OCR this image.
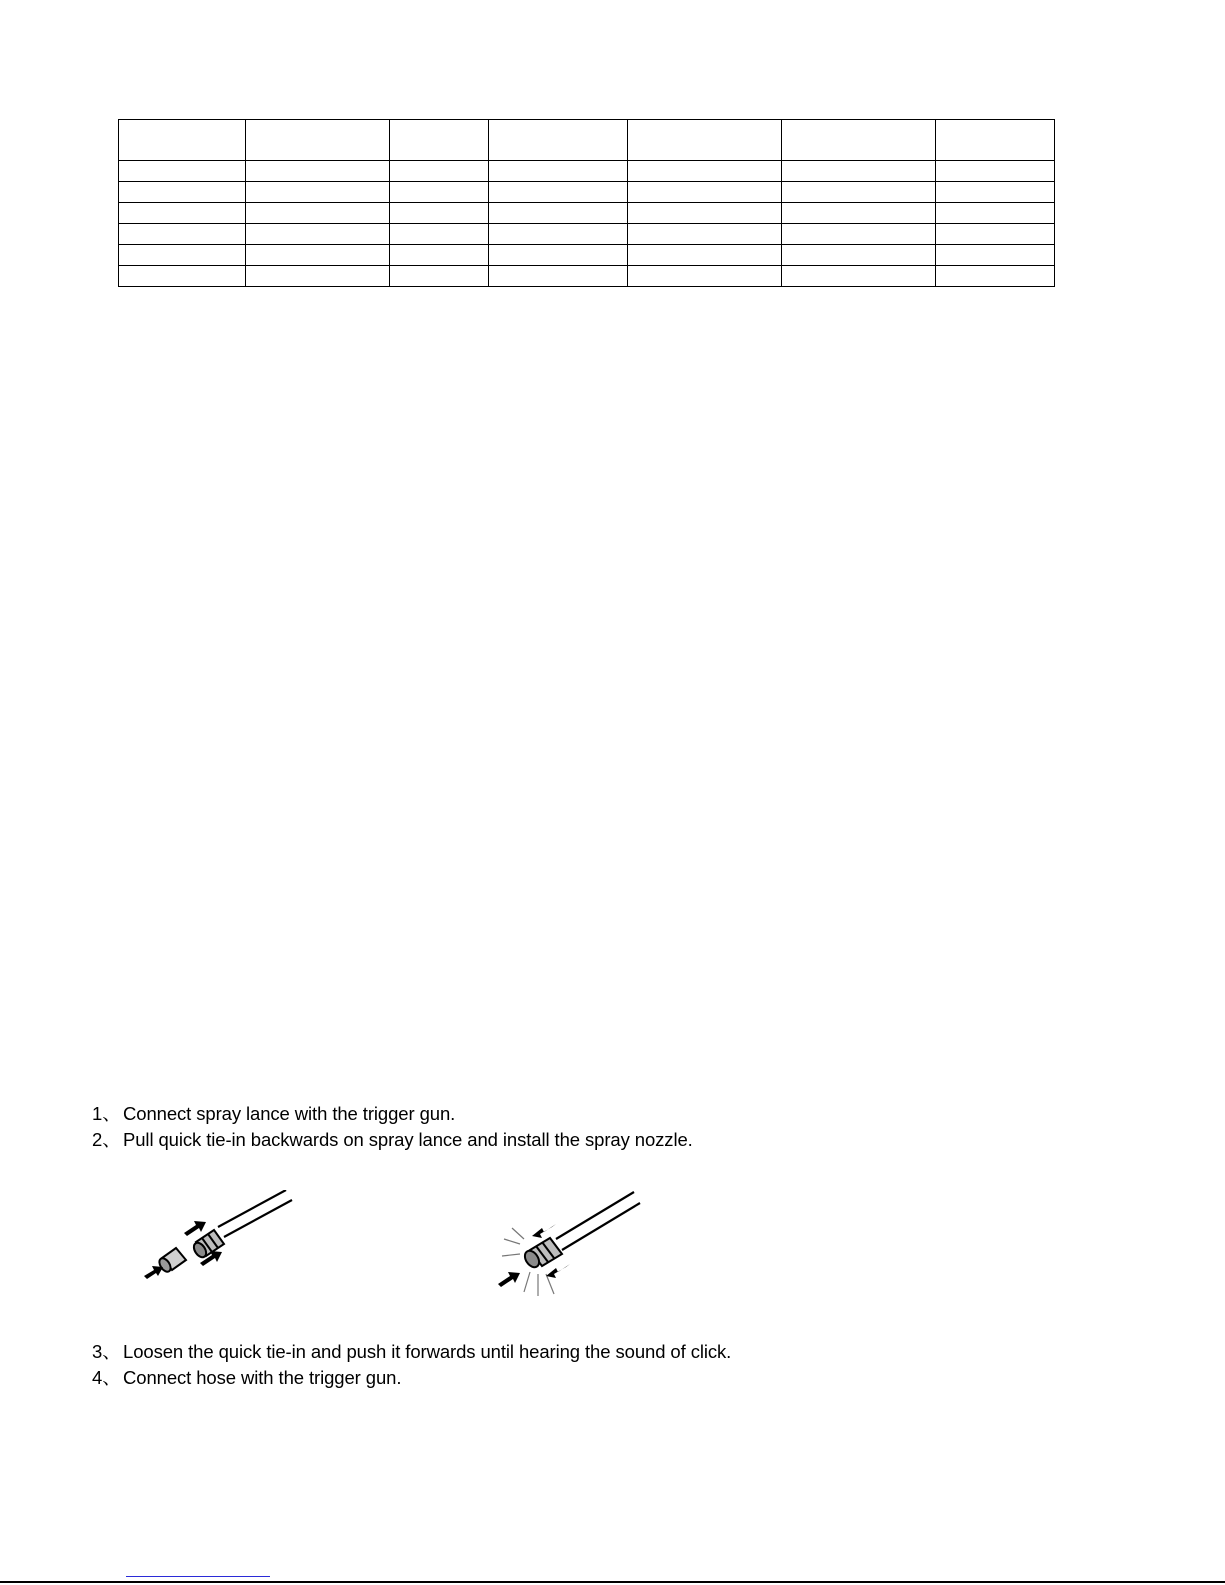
1、 Connect spray lance with the trigger gun.
2、 Pull quick tie-in backwards on spray lance and install the spray nozzle.
3、 Loosen the quick tie-in and push it forwards until hearing the sound of click.
4、 Connect hose with the trigger gun.
